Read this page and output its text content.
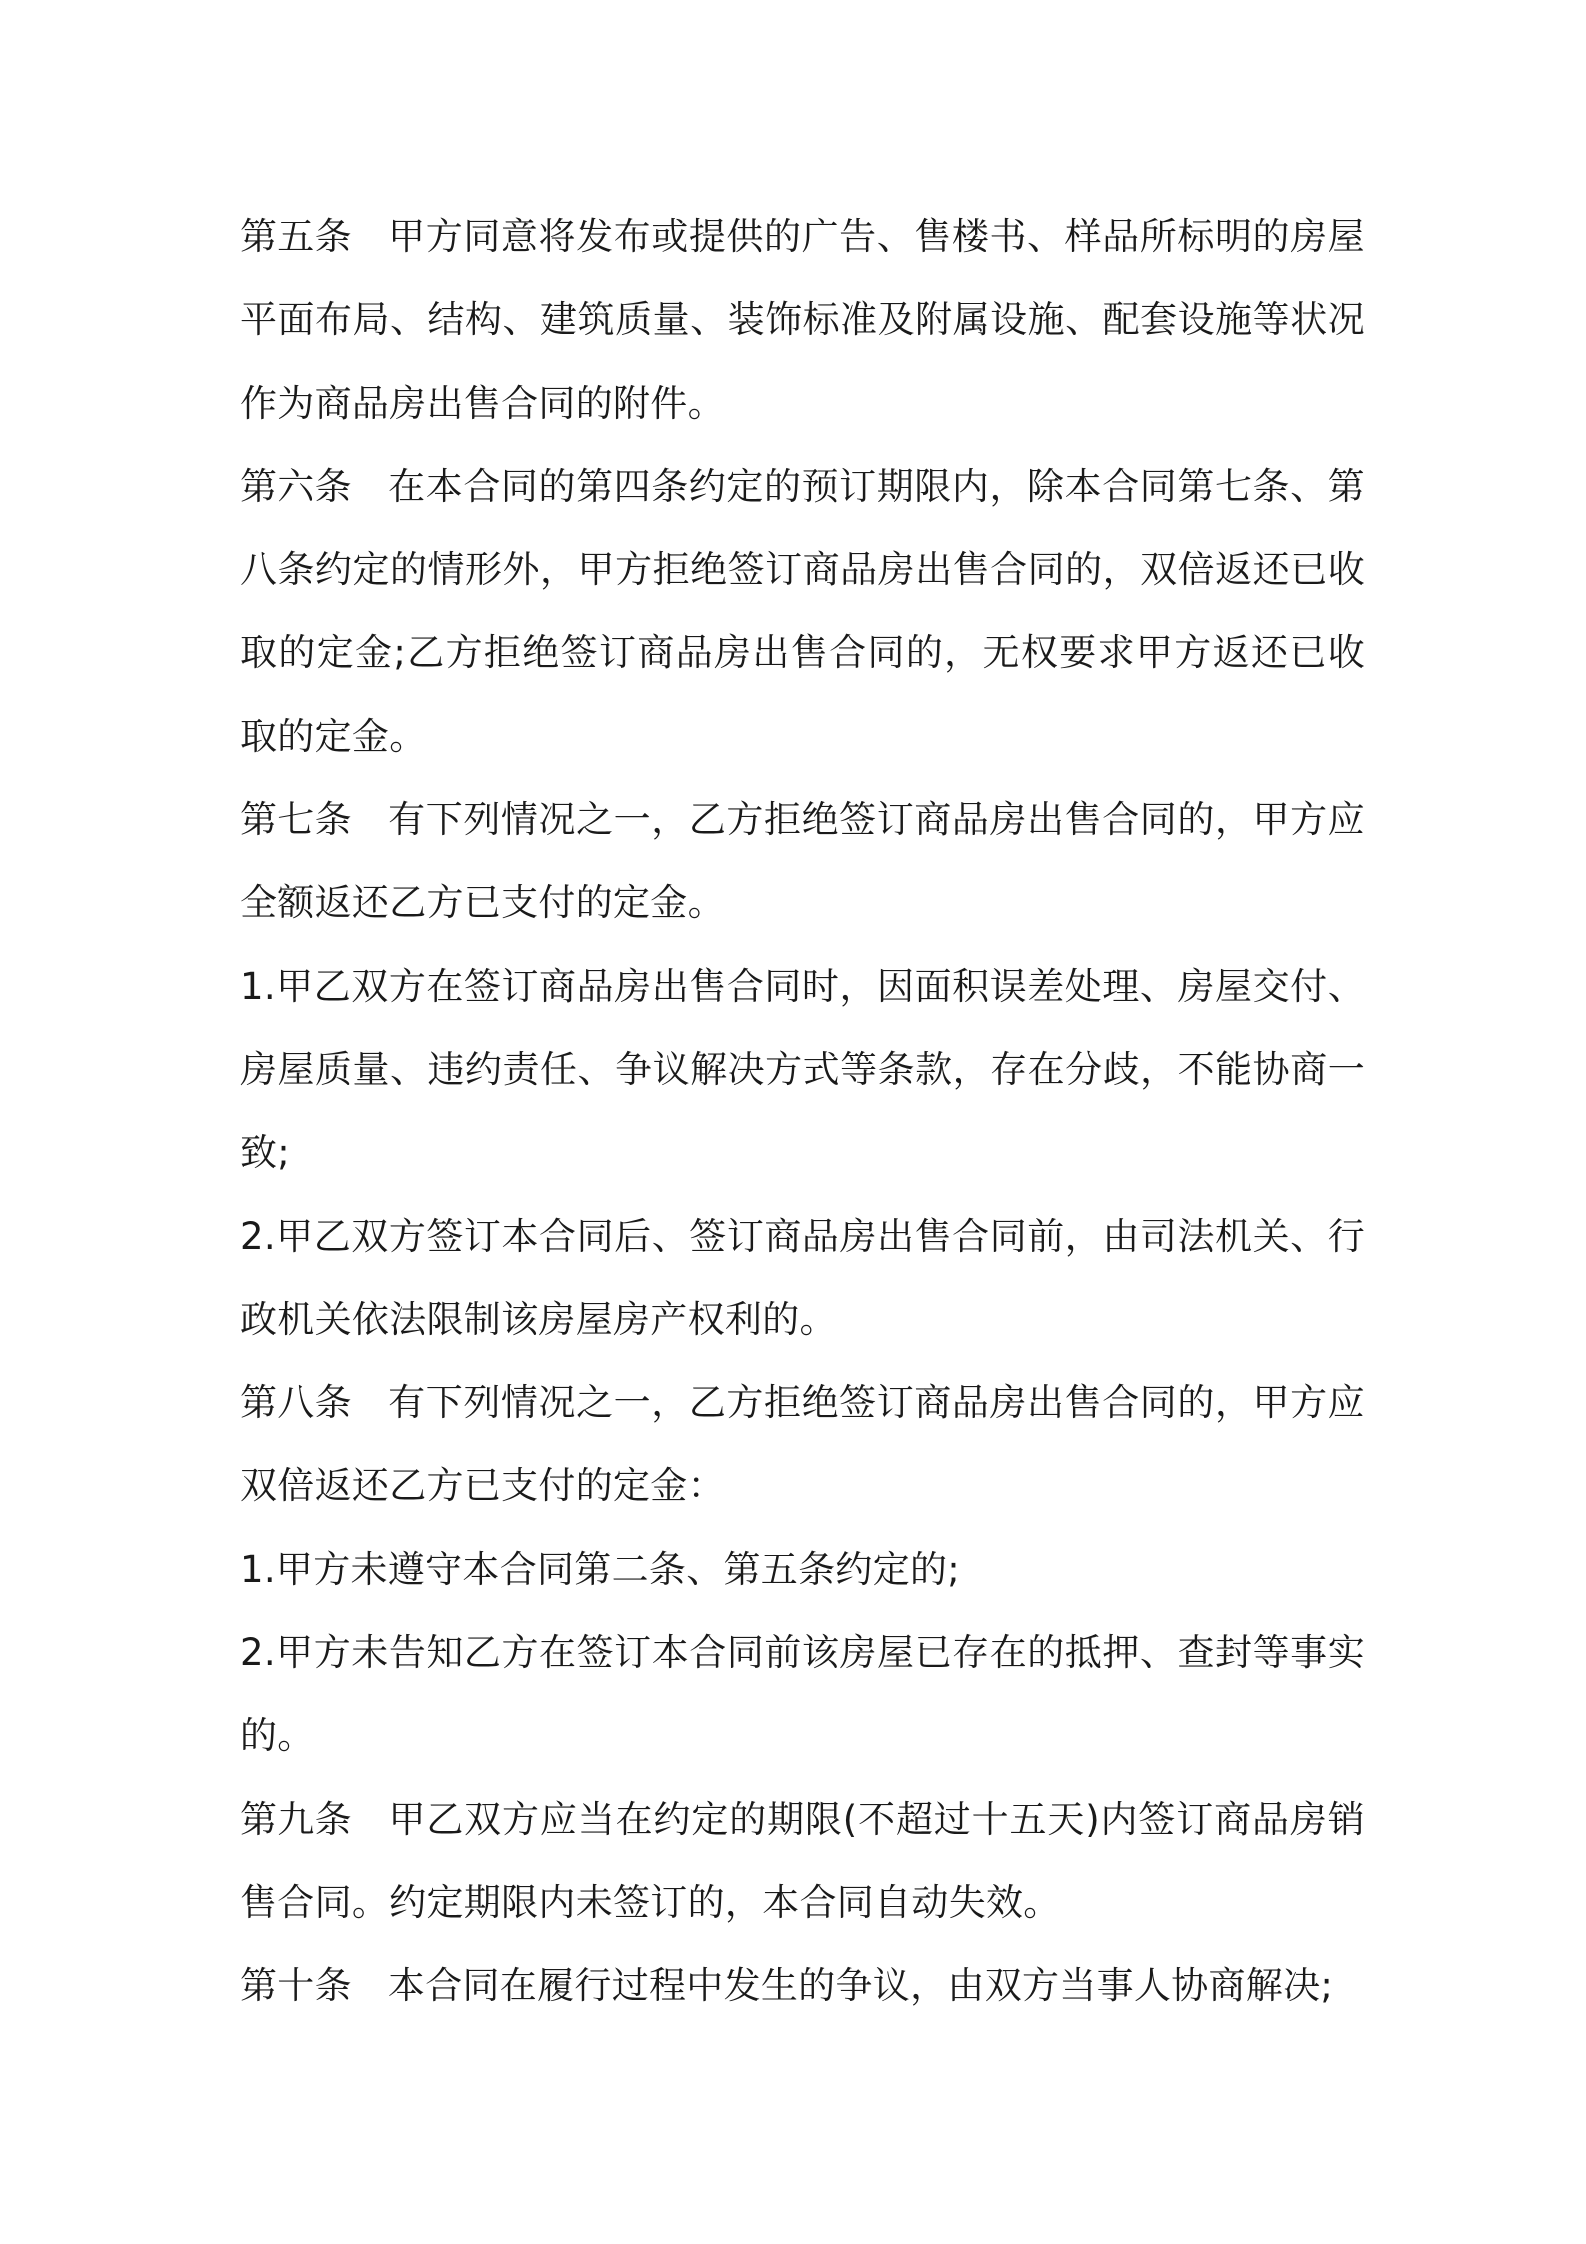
第五条 甲方同意将发布或提供的广告、售楼书、样品所标明的房屋平面布局、结构、建筑质量、装饰标准及附属设施、配套设施等状况作为商品房出售合同的附件。

第六条 在本合同的第四条约定的预订期限内，除本合同第七条、第八条约定的情形外，甲方拒绝签订商品房出售合同的，双倍返还已收取的定金;乙方拒绝签订商品房出售合同的，无权要求甲方返还已收取的定金。

第七条 有下列情况之一，乙方拒绝签订商品房出售合同的，甲方应全额返还乙方已支付的定金。

1.甲乙双方在签订商品房出售合同时，因面积误差处理、房屋交付、房屋质量、违约责任、争议解决方式等条款，存在分歧，不能协商一致;

2.甲乙双方签订本合同后、签订商品房出售合同前，由司法机关、行政机关依法限制该房屋房产权利的。

第八条 有下列情况之一，乙方拒绝签订商品房出售合同的，甲方应双倍返还乙方已支付的定金：

1.甲方未遵守本合同第二条、第五条约定的;

2.甲方未告知乙方在签订本合同前该房屋已存在的抵押、查封等事实的。

第九条 甲乙双方应当在约定的期限(不超过十五天)内签订商品房销售合同。约定期限内未签订的，本合同自动失效。

第十条 本合同在履行过程中发生的争议，由双方当事人协商解决;
